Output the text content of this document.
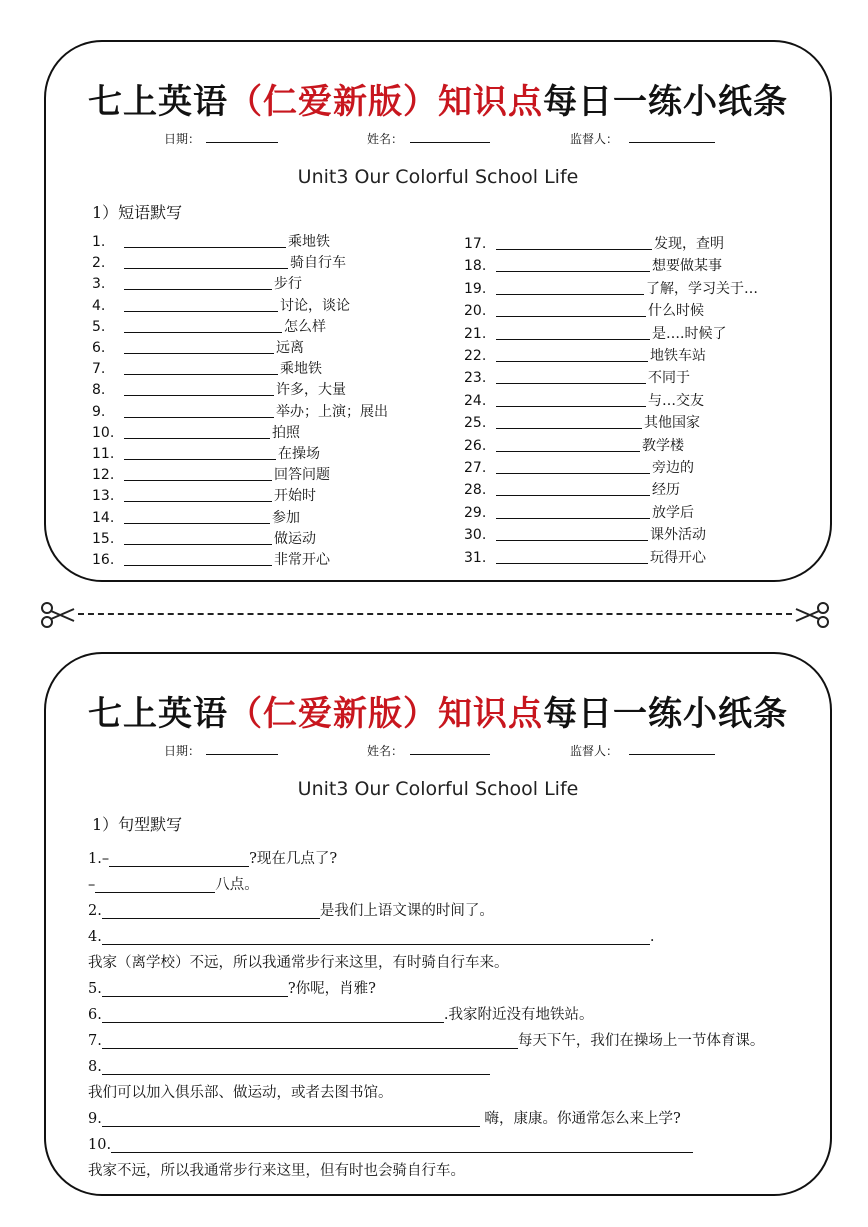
七上英语（仁爱新版）知识点每日一练小纸条
日期：	姓名：	监督人：
Unit3 Our Colorful School Life
1）短语默写
1.	乘地铁
2.	骑自行车
3.	步行
4.	讨论，谈论
5.	怎么样
6.	远离
7.	乘地铁
8.	许多，大量
9.	举办；上演；展出
10.	拍照
11.	在操场
12.	回答问题
13.	开始时
14.	参加
15.	做运动
16.	非常开心
17.	发现，查明
18.	想要做某事
19.	了解，学习关于…
20.	什么时候
21.	是….时候了
22.	地铁车站
23.	不同于
24.	与…交友
25.	其他国家
26.	教学楼
27.	旁边的
28.	经历
29.	放学后
30.	课外活动
31.	玩得开心
七上英语（仁爱新版）知识点每日一练小纸条
日期：	姓名：	监督人：
Unit3 Our Colorful School Life
1）句型默写
1.–	?现在几点了?
–	八点。
2.	是我们上语文课的时间了。
4.	.
我家（离学校）不远，所以我通常步行来这里，有时骑自行车来。
5.	?你呢，肖雅?
6.	.我家附近没有地铁站。
7.	每天下午，我们在操场上一节体育课。
8.
我们可以加入俱乐部、做运动，或者去图书馆。
9.	嗨，康康。你通常怎么来上学?
10.
我家不远，所以我通常步行来这里，但有时也会骑自行车。
